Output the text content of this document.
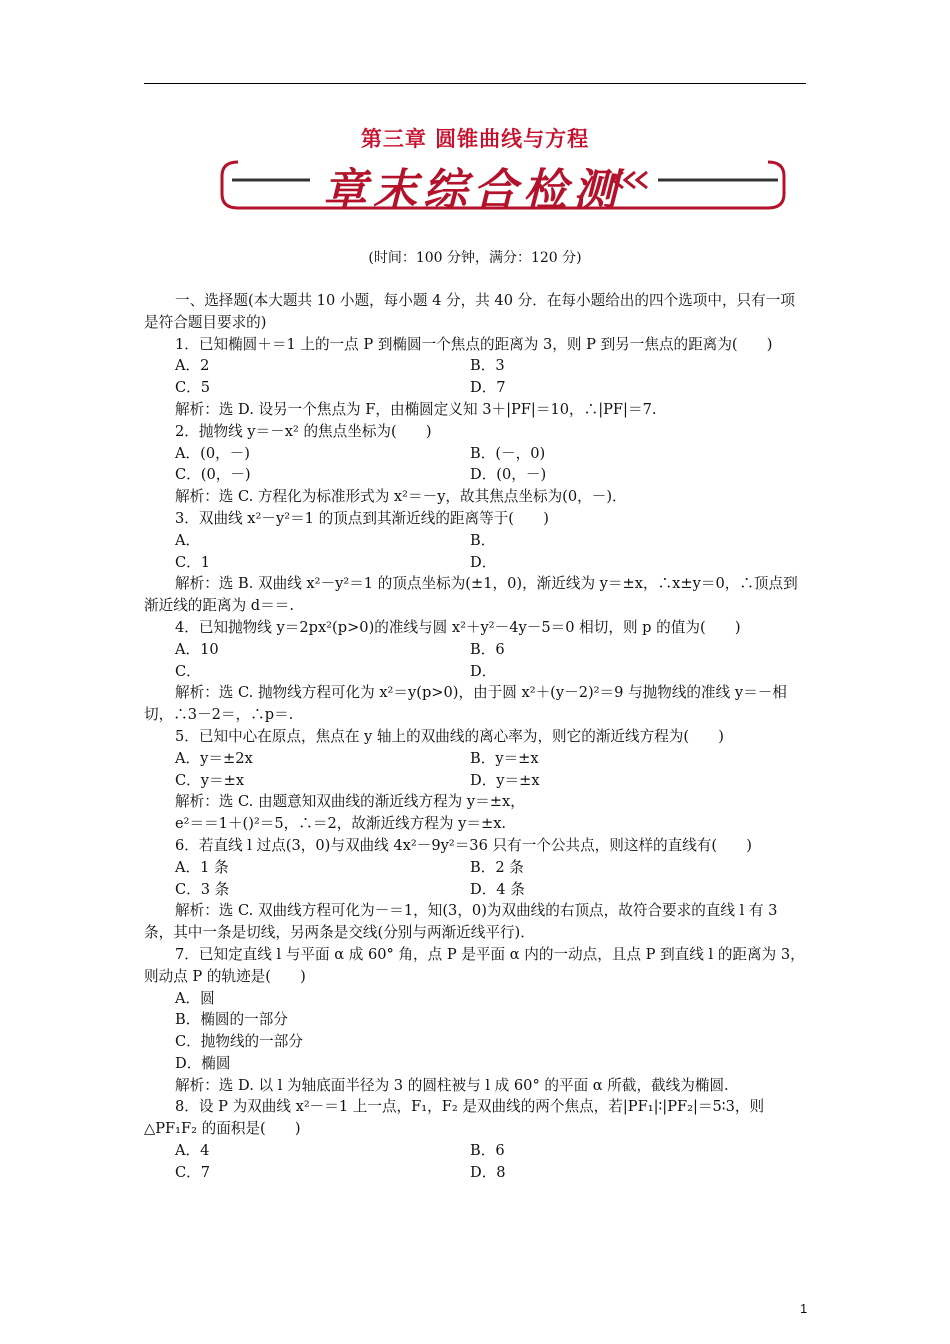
第三章 圆锥曲线与方程
章末综合检测
(时间：100 分钟，满分：120 分)

一、选择题(本大题共 10 小题，每小题 4 分，共 40 分．在每小题给出的四个选项中，只有一项是符合题目要求的)

1．已知椭圆＋＝1 上的一点 P 到椭圆一个焦点的距离为 3，则 P 到另一焦点的距离为(　　)

A．2	B．3
C．5	D．7

解析：选 D. 设另一个焦点为 F，由椭圆定义知 3＋|PF|＝10，∴|PF|＝7.

2．抛物线 y＝－x² 的焦点坐标为(　　)

A．(0，－)	B．(－，0)
C．(0，－)	D．(0，－)

解析：选 C. 方程化为标准形式为 x²＝－y，故其焦点坐标为(0，－)．

3．双曲线 x²－y²＝1 的顶点到其渐近线的距离等于(　　)

A．	B．
C．1	D．

解析：选 B. 双曲线 x²－y²＝1 的顶点坐标为(±1，0)，渐近线为 y＝±x，∴x±y＝0，∴顶点到渐近线的距离为 d＝＝.

4．已知抛物线 y＝2px²(p>0)的准线与圆 x²＋y²－4y－5＝0 相切，则 p 的值为(　　)

A．10	B．6
C．	D．

解析：选 C. 抛物线方程可化为 x²＝y(p>0)，由于圆 x²＋(y－2)²＝9 与抛物线的准线 y＝－相切，∴3－2＝，∴p＝.

5．已知中心在原点，焦点在 y 轴上的双曲线的离心率为，则它的渐近线方程为(　　)

A．y＝±2x	B．y＝±x
C．y＝±x	D．y＝±x

解析：选 C. 由题意知双曲线的渐近线方程为 y＝±x，

e²＝＝1＋()²＝5，∴＝2，故渐近线方程为 y＝±x.

6．若直线 l 过点(3，0)与双曲线 4x²－9y²＝36 只有一个公共点，则这样的直线有(　　)

A．1 条	B．2 条
C．3 条	D．4 条

解析：选 C. 双曲线方程可化为－＝1，知(3，0)为双曲线的右顶点，故符合要求的直线 l 有 3 条，其中一条是切线，另两条是交线(分别与两渐近线平行)．

7．已知定直线 l 与平面 α 成 60° 角，点 P 是平面 α 内的一动点，且点 P 到直线 l 的距离为 3，则动点 P 的轨迹是(　　)

A．圆

B．椭圆的一部分

C．抛物线的一部分

D．椭圆

解析：选 D. 以 l 为轴底面半径为 3 的圆柱被与 l 成 60° 的平面 α 所截，截线为椭圆.

8．设 P 为双曲线 x²－＝1 上一点，F₁，F₂ 是双曲线的两个焦点，若|PF₁|∶|PF₂|＝5∶3，则△PF₁F₂ 的面积是(　　)

A．4	B．6
C．7	D．8
1
